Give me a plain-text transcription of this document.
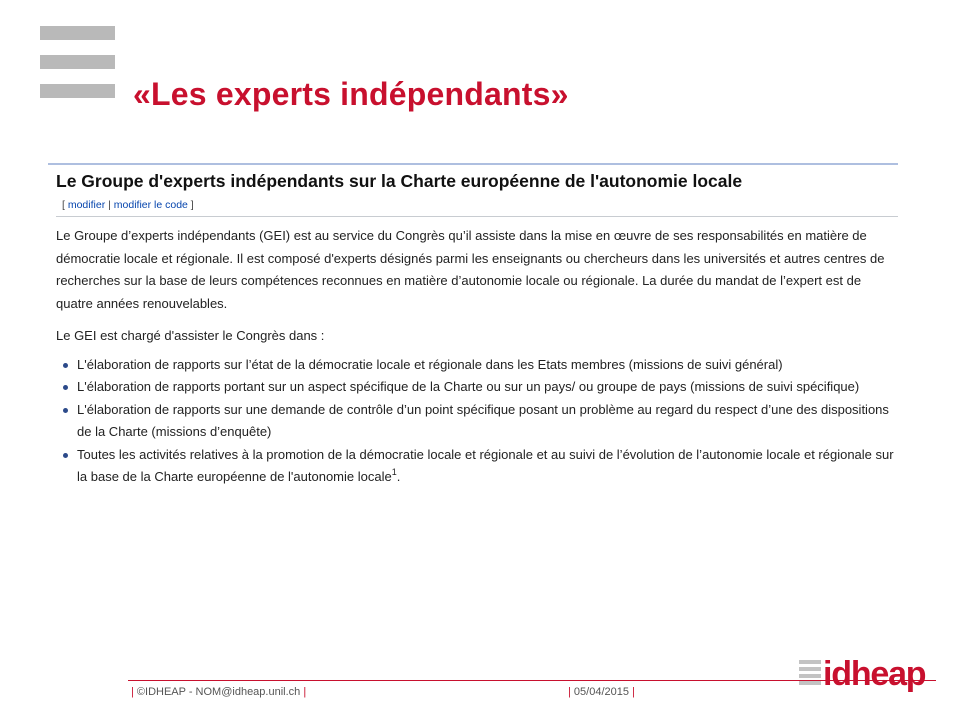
«Les experts indépendants»
Le Groupe d'experts indépendants sur la Charte européenne de l'autonomie locale
[ modifier | modifier le code ]

Le Groupe d’experts indépendants (GEI) est au service du Congrès qu’il assiste dans la mise en œuvre de ses responsabilités en matière de démocratie locale et régionale. Il est composé d'experts désignés parmi les enseignants ou chercheurs dans les universités et autres centres de recherches sur la base de leurs compétences reconnues en matière d’autonomie locale ou régionale. La durée du mandat de l’expert est de quatre années renouvelables.

Le GEI est chargé d'assister le Congrès dans :

L'élaboration de rapports sur l’état de la démocratie locale et régionale dans les Etats membres (missions de suivi général)
L'élaboration de rapports portant sur un aspect spécifique de la Charte ou sur un pays/ ou groupe de pays (missions de suivi spécifique)
L'élaboration de rapports sur une demande de contrôle d’un point spécifique posant un problème au regard du respect d’une des dispositions de la Charte (missions d’enquête)
Toutes les activités relatives à la promotion de la démocratie locale et régionale et au suivi de l’évolution de l’autonomie locale et régionale sur la base de la Charte européenne de l'autonomie locale$^1$.
| ©IDHEAP - NOM@idheap.unil.ch |	| 05/04/2015 |	idheap
